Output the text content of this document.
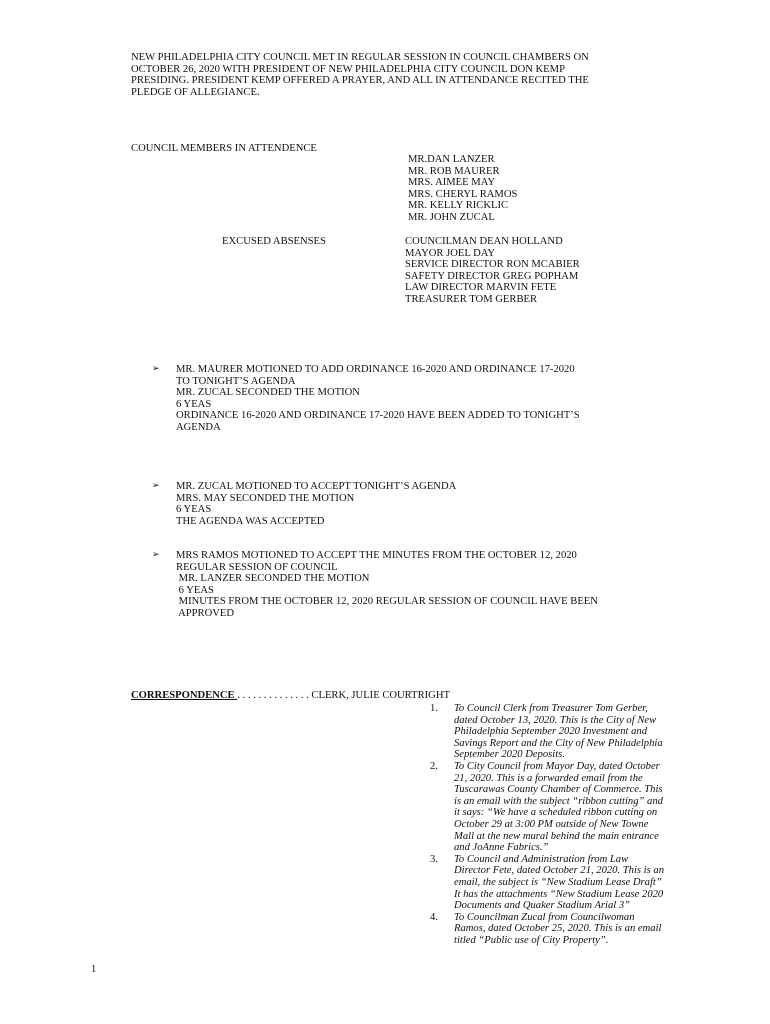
NEW PHILADELPHIA CITY COUNCIL MET IN REGULAR SESSION IN COUNCIL CHAMBERS ON
OCTOBER 26, 2020 WITH PRESIDENT OF NEW PHILADELPHIA CITY COUNCIL DON KEMP
PRESIDING. PRESIDENT KEMP OFFERED A PRAYER, AND ALL IN ATTENDANCE RECITED THE
PLEDGE OF ALLEGIANCE.
COUNCIL MEMBERS IN ATTENDENCE
MR.DAN LANZER
MR. ROB MAURER
MRS. AIMEE MAY
MRS. CHERYL RAMOS
MR. KELLY RICKLIC
MR. JOHN ZUCAL
EXCUSED ABSENSES	COUNCILMAN DEAN HOLLAND
MAYOR JOEL DAY
SERVICE DIRECTOR RON MCABIER
SAFETY DIRECTOR GREG POPHAM
LAW DIRECTOR MARVIN FETE
TREASURER TOM GERBER
➢ MR. MAURER MOTIONED TO ADD ORDINANCE 16-2020 AND ORDINANCE 17-2020
TO TONIGHT’S AGENDA
MR. ZUCAL SECONDED THE MOTION
6 YEAS
ORDINANCE 16-2020 AND ORDINANCE 17-2020 HAVE BEEN ADDED TO TONIGHT’S
AGENDA
➢ MR. ZUCAL MOTIONED TO ACCEPT TONIGHT’S AGENDA
MRS. MAY SECONDED THE MOTION
6 YEAS
THE AGENDA WAS ACCEPTED
➢ MRS RAMOS MOTIONED TO ACCEPT THE MINUTES FROM THE OCTOBER 12, 2020
REGULAR SESSION OF COUNCIL
MR. LANZER SECONDED THE MOTION
6 YEAS
MINUTES FROM THE OCTOBER 12, 2020 REGULAR SESSION OF COUNCIL HAVE BEEN
APPROVED
CORRESPONDENCE . . . . . . . . . . . . . . CLERK, JULIE COURTRIGHT
1. To Council Clerk from Treasurer Tom Gerber,
dated October 13, 2020. This is the City of New
Philadelphia September 2020 Investment and
Savings Report and the City of New Philadelphia
September 2020 Deposits.
2. To City Council from Mayor Day, dated October
21, 2020. This is a forwarded email from the
Tuscarawas County Chamber of Commerce. This
is an email with the subject “ribbon cutting” and
it says: “We have a scheduled ribbon cutting on
October 29 at 3:00 PM outside of New Towne
Mall at the new mural behind the main entrance
and JoAnne Fabrics.”
3. To Council and Administration from Law
Director Fete, dated October 21, 2020. This is an
email, the subject is “New Stadium Lease Draft”
It has the attachments “New Stadium Lease 2020
Documents and Quaker Stadium Arial 3”
4. To Councilman Zucal from Councilwoman
Ramos, dated October 25, 2020. This is an email
titled “Public use of City Property”.
1
